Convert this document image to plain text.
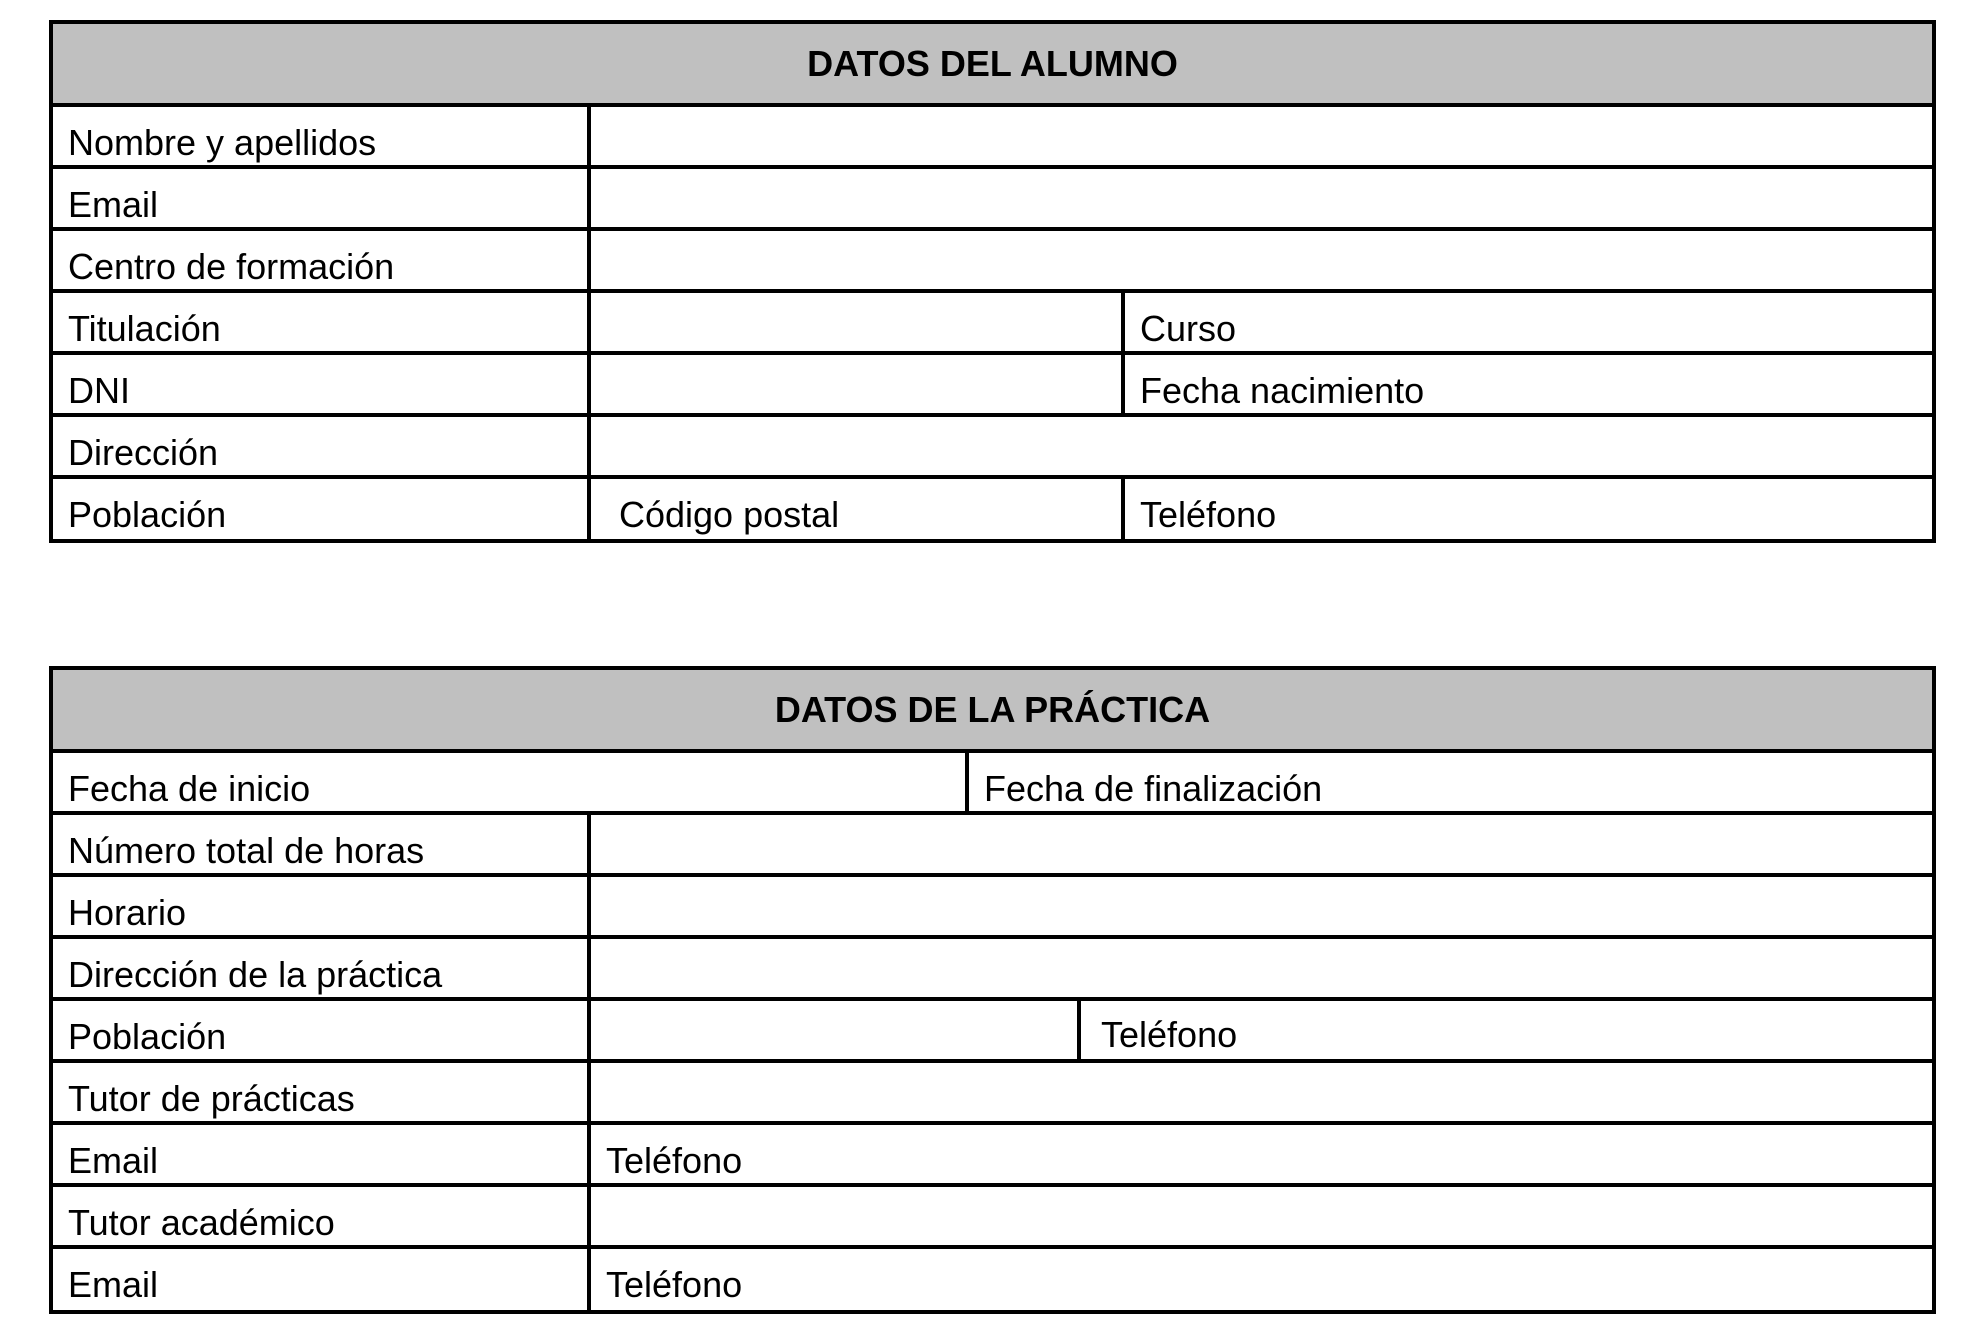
DATOS DEL ALUMNO
Nombre y apellidos
Email
Centro de formación
Titulación	Curso
DNI	Fecha nacimiento
Dirección
Población	Código postal	Teléfono
DATOS DE LA PRÁCTICA
Fecha de inicio	Fecha de finalización
Número total de horas
Horario
Dirección de la práctica
Población	Teléfono
Tutor de prácticas
Email	Teléfono
Tutor académico
Email	Teléfono
